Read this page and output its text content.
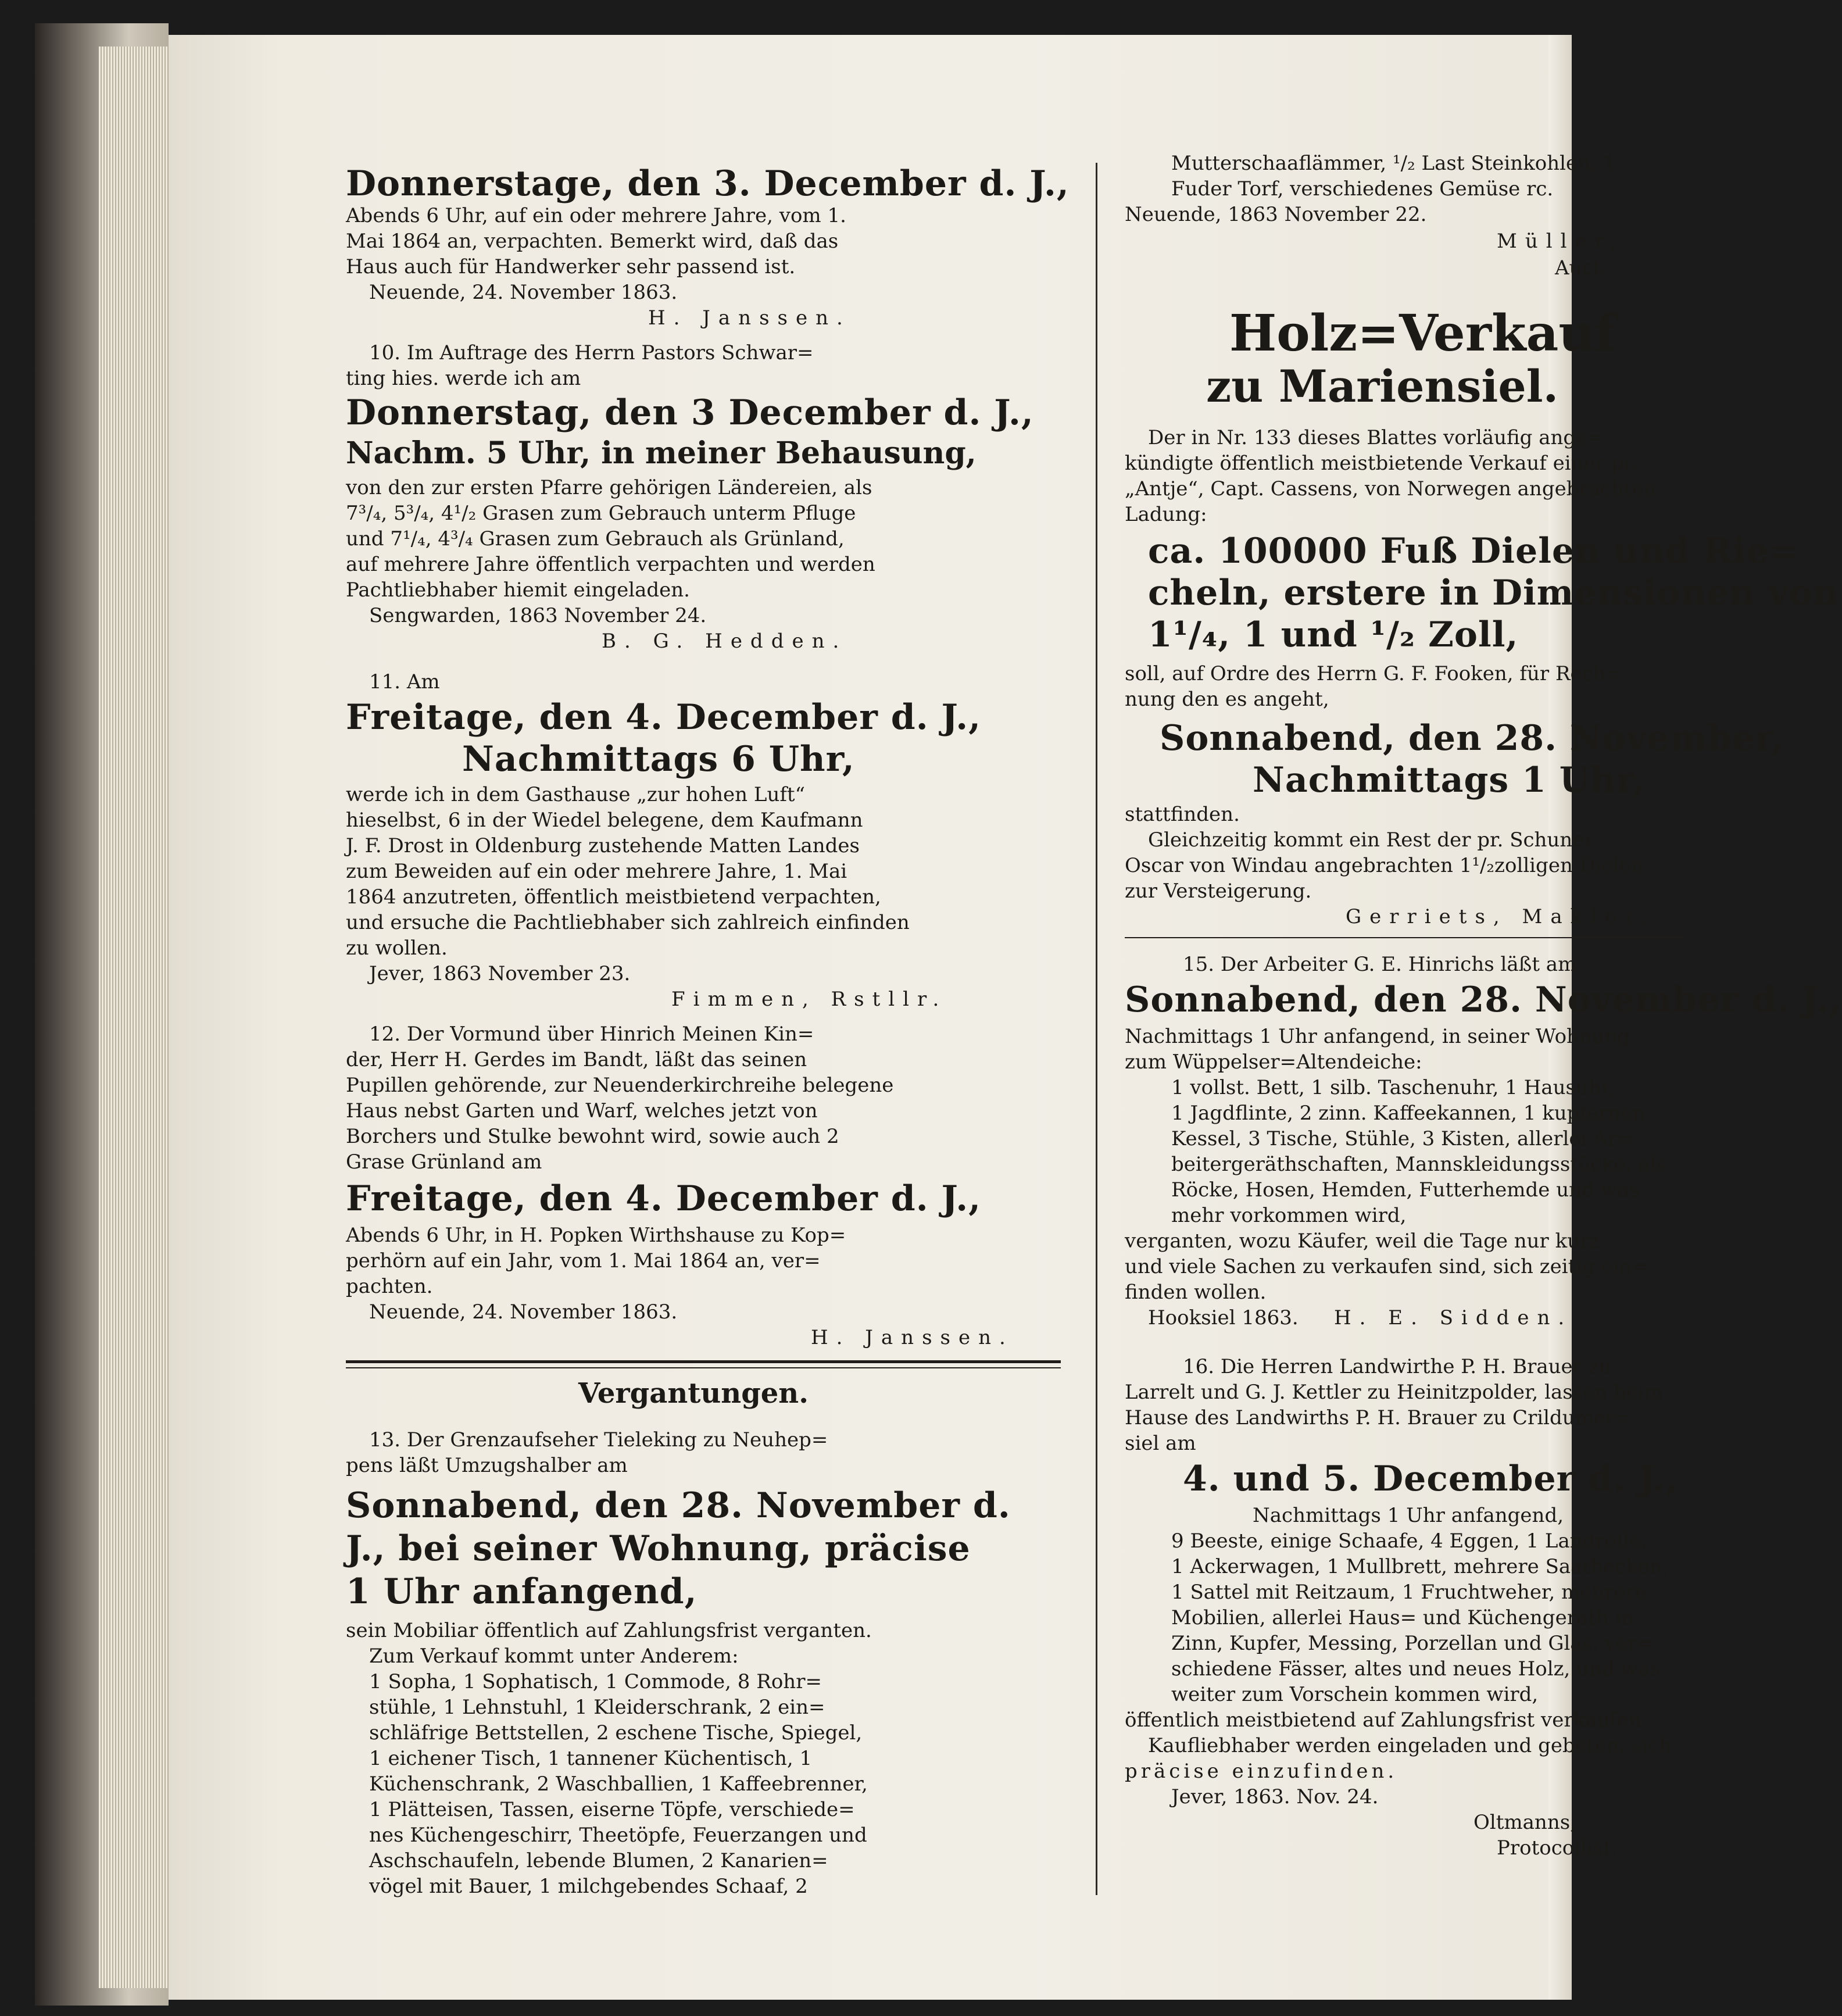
Donnerstage, den 3. December d. J.,
Abends 6 Uhr, auf ein oder mehrere Jahre, vom 1.
Mai 1864 an, verpachten. Bemerkt wird, daß das
Haus auch für Handwerker sehr passend ist.
Neuende, 24. November 1863.
H. Janssen.
10. Im Auftrage des Herrn Pastors Schwar=
ting hies. werde ich am
Donnerstag, den 3 December d. J.,
Nachm. 5 Uhr, in meiner Behausung,
von den zur ersten Pfarre gehörigen Ländereien, als
7³/₄, 5³/₄, 4¹/₂ Grasen zum Gebrauch unterm Pfluge
und 7¹/₄, 4³/₄ Grasen zum Gebrauch als Grünland,
auf mehrere Jahre öffentlich verpachten und werden
Pachtliebhaber hiemit eingeladen.
Sengwarden, 1863 November 24.
B. G. Hedden.
11. Am
Freitage, den 4. December d. J.,
Nachmittags 6 Uhr,
werde ich in dem Gasthause „zur hohen Luft“
hieselbst, 6 in der Wiedel belegene, dem Kaufmann
J. F. Drost in Oldenburg zustehende Matten Landes
zum Beweiden auf ein oder mehrere Jahre, 1. Mai
1864 anzutreten, öffentlich meistbietend verpachten,
und ersuche die Pachtliebhaber sich zahlreich einfinden
zu wollen.
Jever, 1863 November 23.
Fimmen, Rstllr.
12. Der Vormund über Hinrich Meinen Kin=
der, Herr H. Gerdes im Bandt, läßt das seinen
Pupillen gehörende, zur Neuenderkirchreihe belegene
Haus nebst Garten und Warf, welches jetzt von
Borchers und Stulke bewohnt wird, sowie auch 2
Grase Grünland am
Freitage, den 4. December d. J.,
Abends 6 Uhr, in H. Popken Wirthshause zu Kop=
perhörn auf ein Jahr, vom 1. Mai 1864 an, ver=
pachten.
Neuende, 24. November 1863.
H. Janssen.
Vergantungen.
13. Der Grenzaufseher Tieleking zu Neuhep=
pens läßt Umzugshalber am
Sonnabend, den 28. November d.
J., bei seiner Wohnung, präcise
1 Uhr anfangend,
sein Mobiliar öffentlich auf Zahlungsfrist verganten.
Zum Verkauf kommt unter Anderem:
1 Sopha, 1 Sophatisch, 1 Commode, 8 Rohr=
stühle, 1 Lehnstuhl, 1 Kleiderschrank, 2 ein=
schläfrige Bettstellen, 2 eschene Tische, Spiegel,
1 eichener Tisch, 1 tannener Küchentisch, 1
Küchenschrank, 2 Waschballien, 1 Kaffeebrenner,
1 Plätteisen, Tassen, eiserne Töpfe, verschiede=
nes Küchengeschirr, Theetöpfe, Feuerzangen und
Aschschaufeln, lebende Blumen, 2 Kanarien=
vögel mit Bauer, 1 milchgebendes Schaaf, 2
Mutterschaaflämmer, ¹/₂ Last Steinkohlen, 1
Fuder Torf, verschiedenes Gemüse rc.
Neuende, 1863 November 22.
Müller,
Auct.
Holz=Verkauf
zu Mariensiel.
Der in Nr. 133 dieses Blattes vorläufig ange=
kündigte öffentlich meistbietende Verkauf einer pr.
„Antje“, Capt. Cassens, von Norwegen angebrachten
Ladung:
ca. 100000 Fuß Dielen und Rie=
cheln, erstere in Dimensionen von
1¹/₄, 1 und ¹/₂ Zoll,
soll, auf Ordre des Herrn G. F. Fooken, für Rech=
nung den es angeht,
Sonnabend, den 28. November,
Nachmittags 1 Uhr,
stattfinden.
Gleichzeitig kommt ein Rest der pr. Schuner
Oscar von Windau angebrachten 1¹/₂zolligen Dielen
zur Versteigerung.
Gerriets, Makler.
15. Der Arbeiter G. E. Hinrichs läßt am
Sonnabend, den 28. November d. J.,
Nachmittags 1 Uhr anfangend, in seiner Wohnung
zum Wüppelser=Altendeiche:
1 vollst. Bett, 1 silb. Taschenuhr, 1 Hausuhr,
1 Jagdflinte, 2 zinn. Kaffeekannen, 1 kupfernen
Kessel, 3 Tische, Stühle, 3 Kisten, allerlei Ar=
beitergeräthschaften, Mannskleidungsstücke, als:
Röcke, Hosen, Hemden, Futterhemde und was
mehr vorkommen wird,
verganten, wozu Käufer, weil die Tage nur kurz
und viele Sachen zu verkaufen sind, sich zeitig ein=
finden wollen.
Hooksiel 1863. H. E. Sidden.
16. Die Herren Landwirthe P. H. Brauer zu
Larrelt und G. J. Kettler zu Heinitzpolder, lassen beim
Hause des Landwirths P. H. Brauer zu Crildumer=
siel am
4. und 5. December d. J.,
Nachmittags 1 Uhr anfangend,
9 Beeste, einige Schaafe, 4 Eggen, 1 Landrolle,
1 Ackerwagen, 1 Mullbrett, mehrere Saathecken,
1 Sattel mit Reitzaum, 1 Fruchtweher, mehrere
Mobilien, allerlei Haus= und Küchengeräth in
Zinn, Kupfer, Messing, Porzellan und Glas, ver=
schiedene Fässer, altes und neues Holz, und was
weiter zum Vorschein kommen wird,
öffentlich meistbietend auf Zahlungsfrist verkaufen.
Kaufliebhaber werden eingeladen und gebeten, sich
präcise einzufinden.
Jever, 1863. Nov. 24.
Oltmanns,
Protocollist.
